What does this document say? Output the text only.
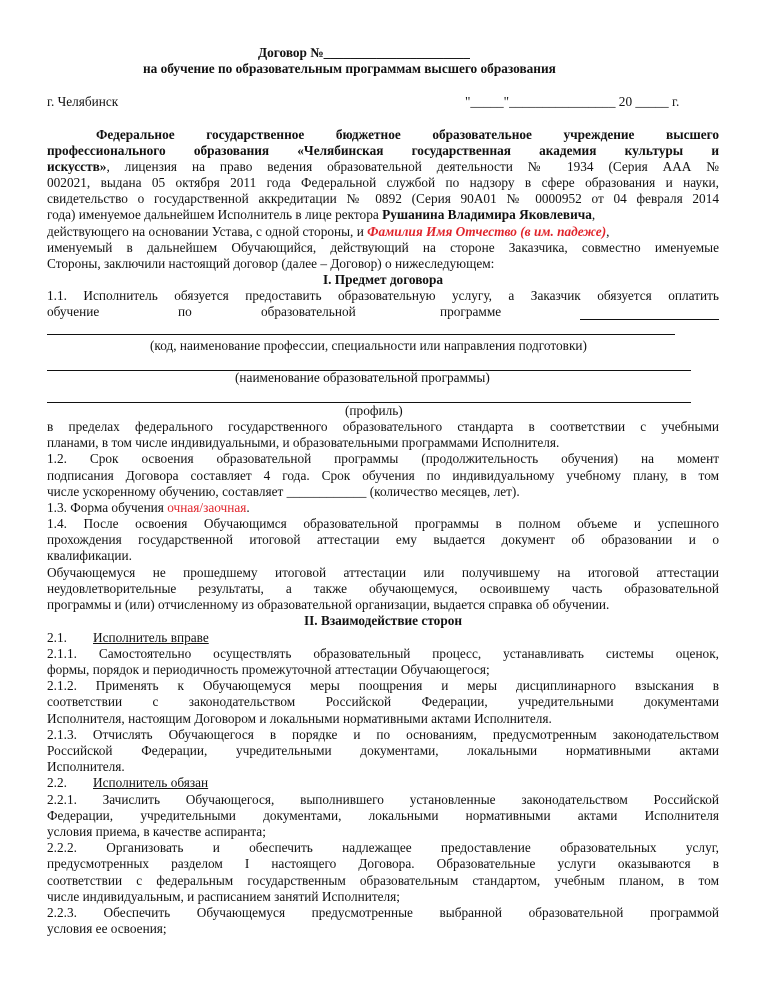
Договор №______________________
на обучение по образовательным программам высшего образования
г. Челябинск	"_____"________________ 20 _____ г.
Федеральное государственное бюджетное образовательное учреждение высшего
профессионального образования «Челябинская государственная академия культуры и
искусств», лицензия на право ведения образовательной деятельности № 1934 (Серия ААА №
002021, выдана 05 октября 2011 года Федеральной службой по надзору в сфере образования и науки,
свидетельство о государственной аккредитации № 0892 (Серия 90А01 № 0000952 от 04 февраля 2014
года) именуемое дальнейшем Исполнитель в лице ректора Рушанина Владимира Яковлевича,
действующего на основании Устава, с одной стороны, и Фамилия Имя Отчество (в им. падеже),
именуемый в дальнейшем Обучающийся, действующий на стороне Заказчика, совместно именуемые
Стороны, заключили настоящий договор (далее – Договор) о нижеследующем:
I. Предмет договора
1.1. Исполнитель обязуется предоставить образовательную услугу, а Заказчик обязуется оплатить
обучение	по	образовательной	программе
(код, наименование профессии, специальности или направления подготовки)
(наименование образовательной программы)
(профиль)
в пределах федерального государственного образовательного стандарта в соответствии с учебными
планами, в том числе индивидуальными, и образовательными программами Исполнителя.
1.2. Срок освоения образовательной программы (продолжительность обучения) на момент
подписания Договора составляет 4 года. Срок обучения по индивидуальному учебному плану, в том
числе ускоренному обучению, составляет ____________ (количество месяцев, лет).
1.3. Форма обучения очная/заочная.
1.4. После освоения Обучающимся образовательной программы в полном объеме и успешного
прохождения государственной итоговой аттестации ему выдается документ об образовании и о
квалификации.
Обучающемуся не прошедшему итоговой аттестации или получившему на итоговой аттестации
неудовлетворительные результаты, а также обучающемуся, освоившему часть образовательной
программы и (или) отчисленному из образовательной организации, выдается справка об обучении.
II. Взаимодействие сторон
2.1. Исполнитель вправе
2.1.1. Самостоятельно осуществлять образовательный процесс, устанавливать системы оценок,
формы, порядок и периодичность промежуточной аттестации Обучающегося;
2.1.2. Применять к Обучающемуся меры поощрения и меры дисциплинарного взыскания в
соответствии с законодательством Российской Федерации, учредительными документами
Исполнителя, настоящим Договором и локальными нормативными актами Исполнителя.
2.1.3. Отчислять Обучающегося в порядке и по основаниям, предусмотренным законодательством
Российской Федерации, учредительными документами, локальными нормативными актами
Исполнителя.
2.2. Исполнитель обязан
2.2.1. Зачислить Обучающегося, выполнившего установленные законодательством Российской
Федерации, учредительными документами, локальными нормативными актами Исполнителя
условия приема, в качестве аспиранта;
2.2.2. Организовать и обеспечить надлежащее предоставление образовательных услуг,
предусмотренных разделом I настоящего Договора. Образовательные услуги оказываются в
соответствии с федеральным государственным образовательным стандартом, учебным планом, в том
числе индивидуальным, и расписанием занятий Исполнителя;
2.2.3. Обеспечить Обучающемуся предусмотренные выбранной образовательной программой
условия ее освоения;
